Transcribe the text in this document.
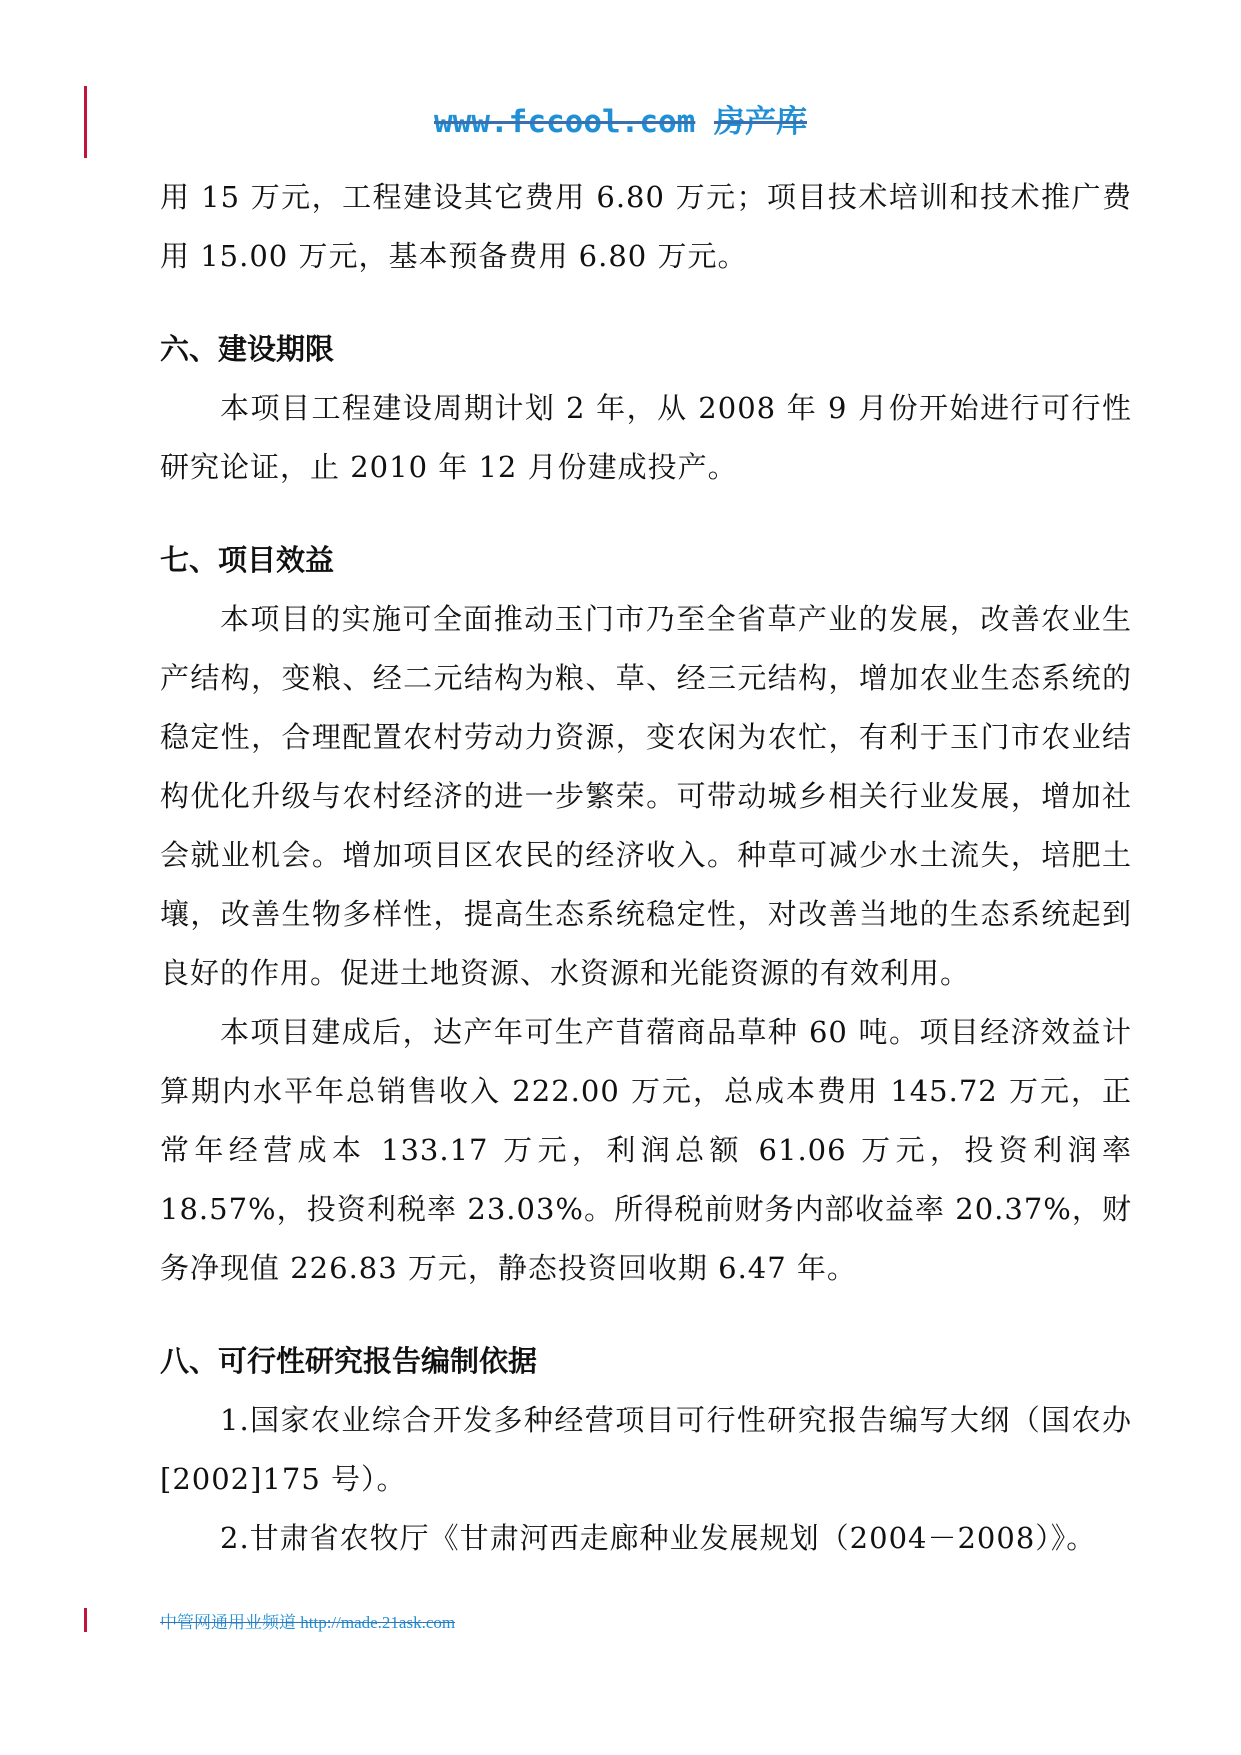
www.fccool.com 房产库

用 15 万元，工程建设其它费用 6.80 万元；项目技术培训和技术推广费用 15.00 万元，基本预备费用 6.80 万元。

六、建设期限

本项目工程建设周期计划 2 年，从 2008 年 9 月份开始进行可行性研究论证，止 2010 年 12 月份建成投产。

七、项目效益

本项目的实施可全面推动玉门市乃至全省草产业的发展，改善农业生产结构，变粮、经二元结构为粮、草、经三元结构，增加农业生态系统的稳定性，合理配置农村劳动力资源，变农闲为农忙，有利于玉门市农业结构优化升级与农村经济的进一步繁荣。可带动城乡相关行业发展，增加社会就业机会。增加项目区农民的经济收入。种草可减少水土流失，培肥土壤，改善生物多样性，提高生态系统稳定性，对改善当地的生态系统起到良好的作用。促进土地资源、水资源和光能资源的有效利用。

本项目建成后，达产年可生产苜蓿商品草种 60 吨。项目经济效益计算期内水平年总销售收入 222.00 万元，总成本费用 145.72 万元，正常年经营成本 133.17 万元，利润总额 61.06 万元，投资利润率 18.57%，投资利税率 23.03%。所得税前财务内部收益率 20.37%，财务净现值 226.83 万元，静态投资回收期 6.47 年。

八、可行性研究报告编制依据

1.国家农业综合开发多种经营项目可行性研究报告编写大纲（国农办[2002]175 号）。

2.甘肃省农牧厅《甘肃河西走廊种业发展规划（2004－2008）》。

中管网通用业频道 http://made.21ask.com
